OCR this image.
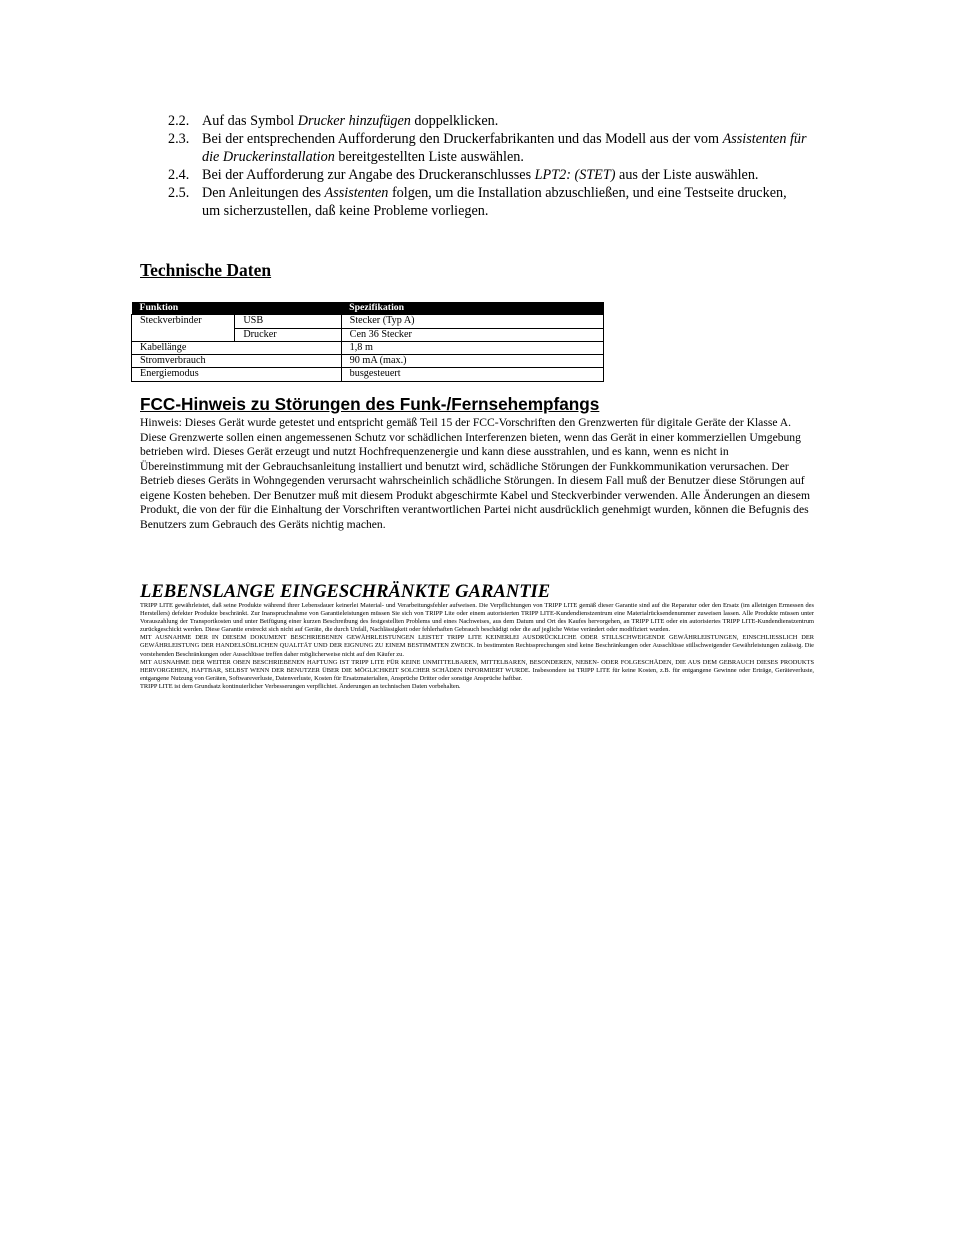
2.2. Auf das Symbol Drucker hinzufügen doppelklicken.
2.3. Bei der entsprechenden Aufforderung den Druckerfabrikanten und das Modell aus der vom Assistenten für die Druckerinstallation bereitgestellten Liste auswählen.
2.4. Bei der Aufforderung zur Angabe des Druckeranschlusses LPT2: (STET) aus der Liste auswählen.
2.5. Den Anleitungen des Assistenten folgen, um die Installation abzuschließen, und eine Testseite drucken, um sicherzustellen, daß keine Probleme vorliegen.
Technische Daten
Funktion		Spezifikation
Steckverbinder	USB	Stecker (Typ A)
	Drucker	Cen 36 Stecker
Kabellänge		1,8 m
Stromverbrauch		90 mA (max.)
Energiemodus		busgesteuert
FCC-Hinweis zu Störungen des Funk-/Fernsehempfangs

Hinweis: Dieses Gerät wurde getestet und entspricht gemäß Teil 15 der FCC-Vorschriften den Grenzwerten für digitale Geräte der Klasse A. Diese Grenzwerte sollen einen angemessenen Schutz vor schädlichen Interferenzen bieten, wenn das Gerät in einer kommerziellen Umgebung betrieben wird. Dieses Gerät erzeugt und nutzt Hochfrequenzenergie und kann diese ausstrahlen, und es kann, wenn es nicht in Übereinstimmung mit der Gebrauchsanleitung installiert und benutzt wird, schädliche Störungen der Funkkommunikation verursachen. Der Betrieb dieses Geräts in Wohngegenden verursacht wahrscheinlich schädliche Störungen. In diesem Fall muß der Benutzer diese Störungen auf eigene Kosten beheben. Der Benutzer muß mit diesem Produkt abgeschirmte Kabel und Steckverbinder verwenden. Alle Änderungen an diesem Produkt, die von der für die Einhaltung der Vorschriften verantwortlichen Partei nicht ausdrücklich genehmigt wurden, können die Befugnis des Benutzers zum Gebrauch des Geräts nichtig machen.

LEBENSLANGE EINGESCHRÄNKTE GARANTIE

TRIPP LITE gewährleistet, daß seine Produkte während ihrer Lebensdauer keinerlei Material- und Verarbeitungsfehler aufweisen. Die Verpflichtungen von TRIPP LITE gemäß dieser Garantie sind auf die Reparatur oder den Ersatz (im alleinigen Ermessen des Herstellers) defekter Produkte beschränkt. Zur Inanspruchnahme von Garantieleistungen müssen Sie sich von TRIPP Lite oder einem autorisierten TRIPP LITE-Kundendienstzentrum eine Materialrücksendenummer zuweisen lassen. Alle Produkte müssen unter Vorauszahlung der Transportkosten und unter Beifügung einer kurzen Beschreibung des festgestellten Problems und eines Nachweises, aus dem Datum und Ort des Kaufes hervorgehen, an TRIPP LITE oder ein autorisiertes TRIPP LITE-Kundendienstzentrum zurückgeschickt werden. Diese Garantie erstreckt sich nicht auf Geräte, die durch Unfall, Nachlässigkeit oder fehlerhaften Gebrauch beschädigt oder die auf jegliche Weise verändert oder modifiziert wurden.

MIT AUSNAHME DER IN DIESEM DOKUMENT BESCHRIEBENEN GEWÄHRLEISTUNGEN LEISTET TRIPP LITE KEINERLEI AUSDRÜCKLICHE ODER STILLSCHWEIGENDE GEWÄHRLEISTUNGEN, EINSCHLIESSLICH DER GEWÄHRLEISTUNG DER HANDELSÜBLICHEN QUALITÄT UND DER EIGNUNG ZU EINEM BESTIMMTEN ZWECK. In bestimmten Rechtssprechungen sind keine Beschränkungen oder Ausschlüsse stillschweigender Gewährleistungen zulässig. Die vorstehenden Beschränkungen oder Ausschlüsse treffen daher möglicherweise nicht auf den Käufer zu.

MIT AUSNAHME DER WEITER OBEN BESCHRIEBENEN HAFTUNG IST TRIPP LITE FÜR KEINE UNMITTELBAREN, MITTELBAREN, BESONDEREN, NEBEN- ODER FOLGESCHÄDEN, DIE AUS DEM GEBRAUCH DIESES PRODUKTS HERVORGEHEN, HAFTBAR, SELBST WENN DER BENUTZER ÜBER DIE MÖGLICHKEIT SOLCHER SCHÄDEN INFORMIERT WURDE. Insbesondere ist TRIPP LITE für keine Kosten, z.B. für entgangene Gewinne oder Erträge, Geräteverluste, entgangene Nutzung von Geräten, Softwareverluste, Datenverluste, Kosten für Ersatzmaterialien, Ansprüche Dritter oder sonstige Ansprüche haftbar.

TRIPP LITE ist dem Grundsatz kontinuierlicher Verbesserungen verpflichtet. Änderungen an technischen Daten vorbehalten.
